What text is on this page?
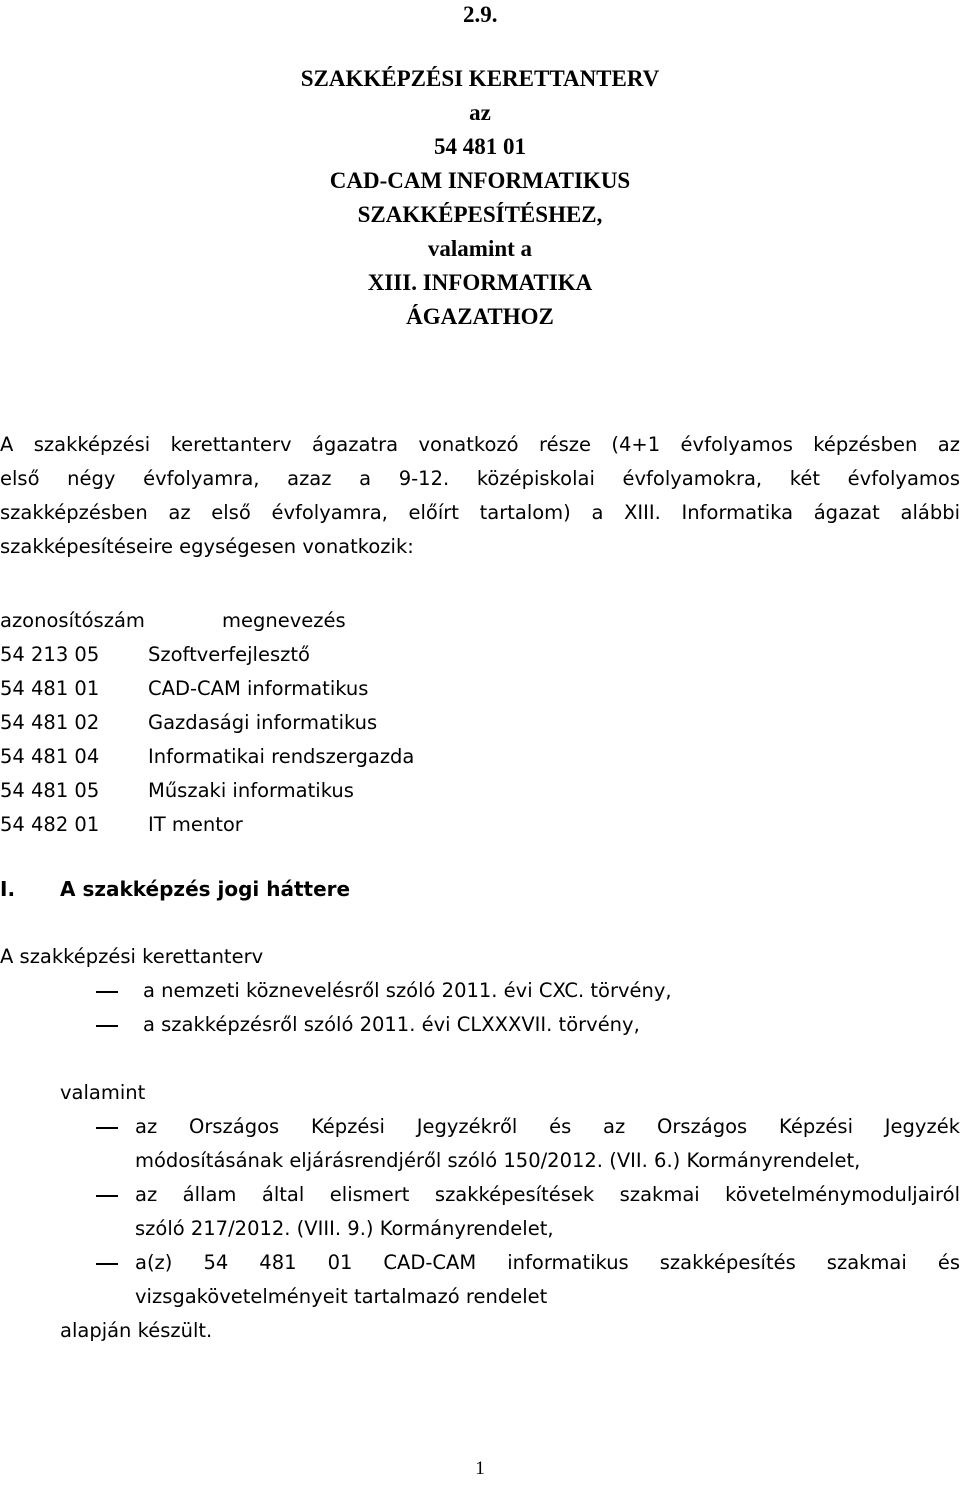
2.9.
SZAKKÉPZÉSI KERETTANTERV
az
54 481 01
CAD-CAM INFORMATIKUS
SZAKKÉPESÍTÉSHEZ,
valamint a
XIII. INFORMATIKA
ÁGAZATHOZ
A szakképzési kerettanterv ágazatra vonatkozó része (4+1 évfolyamos képzésben az
első négy évfolyamra, azaz a 9-12. középiskolai évfolyamokra, két évfolyamos
szakképzésben az első évfolyamra, előírt tartalom) a XIII. Informatika ágazat alábbi
szakképesítéseire egységesen vonatkozik:
azonosítószám	megnevezés
54 213 05	Szoftverfejlesztő
54 481 01	CAD-CAM informatikus
54 481 02	Gazdasági informatikus
54 481 04	Informatikai rendszergazda
54 481 05	Műszaki informatikus
54 482 01	IT mentor
I. A szakképzés jogi háttere
A szakképzési kerettanterv
a nemzeti köznevelésről szóló 2011. évi CXC. törvény,
a szakképzésről szóló 2011. évi CLXXXVII. törvény,
valamint
az Országos Képzési Jegyzékről és az Országos Képzési Jegyzék
módosításának eljárásrendjéről szóló 150/2012. (VII. 6.) Kormányrendelet,
az állam által elismert szakképesítések szakmai követelménymoduljairól
szóló 217/2012. (VIII. 9.) Kormányrendelet,
a(z) 54 481 01 CAD-CAM informatikus szakképesítés szakmai és
vizsgakövetelményeit tartalmazó rendelet
alapján készült.
1
